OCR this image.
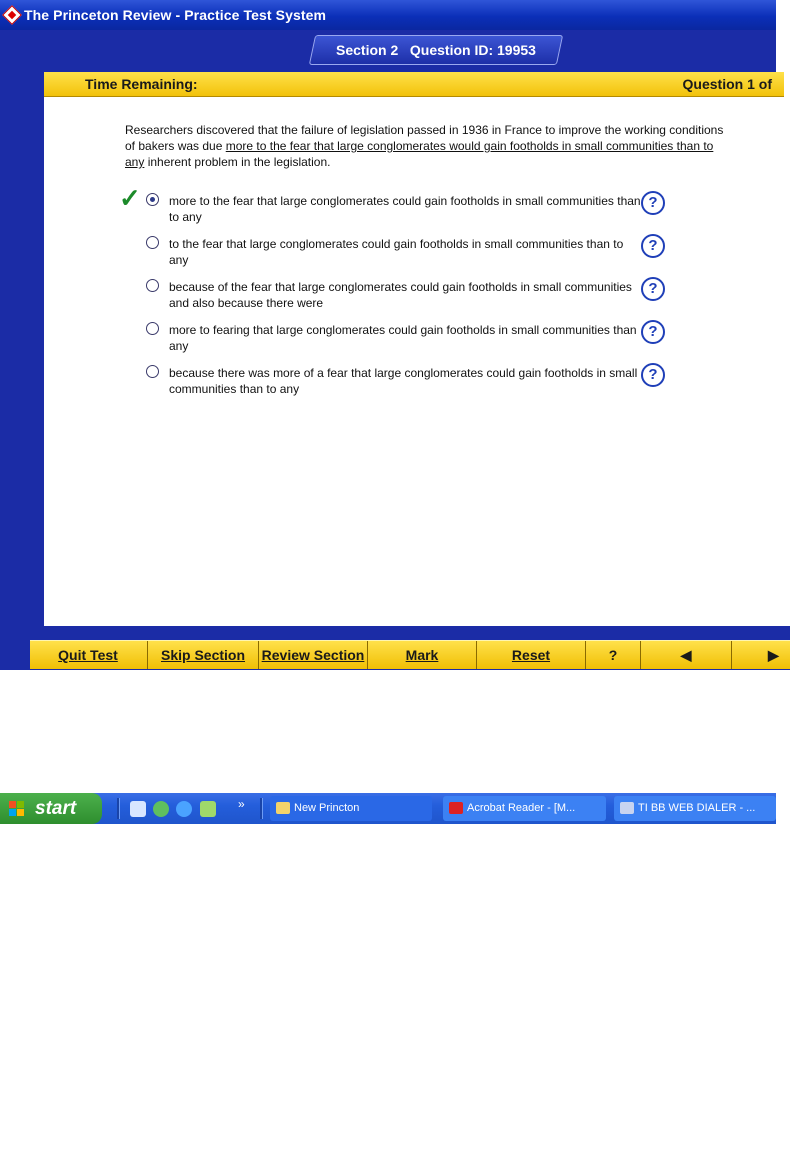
The Princeton Review - Practice Test System
Section 2   Question ID: 19953
Time Remaining:	Question 1 of
Researchers discovered that the failure of legislation passed in 1936 in France to improve the working conditions of bakers was due more to the fear that large conglomerates would gain footholds in small communities than to any inherent problem in the legislation.
✓ more to the fear that large conglomerates could gain footholds in small communities than to any
?
to the fear that large conglomerates could gain footholds in small communities than to any
?
because of the fear that large conglomerates could gain footholds in small communities and also because there were
?
more to fearing that large conglomerates could gain footholds in small communities than any
?
because there was more of a fear that large conglomerates could gain footholds in small communities than to any
?
Quit Test	Skip Section	Review Section	Mark	Reset	?	◀	▶
start	»	New Princton	Acrobat Reader - [M...	TI BB WEB DIALER - ...
